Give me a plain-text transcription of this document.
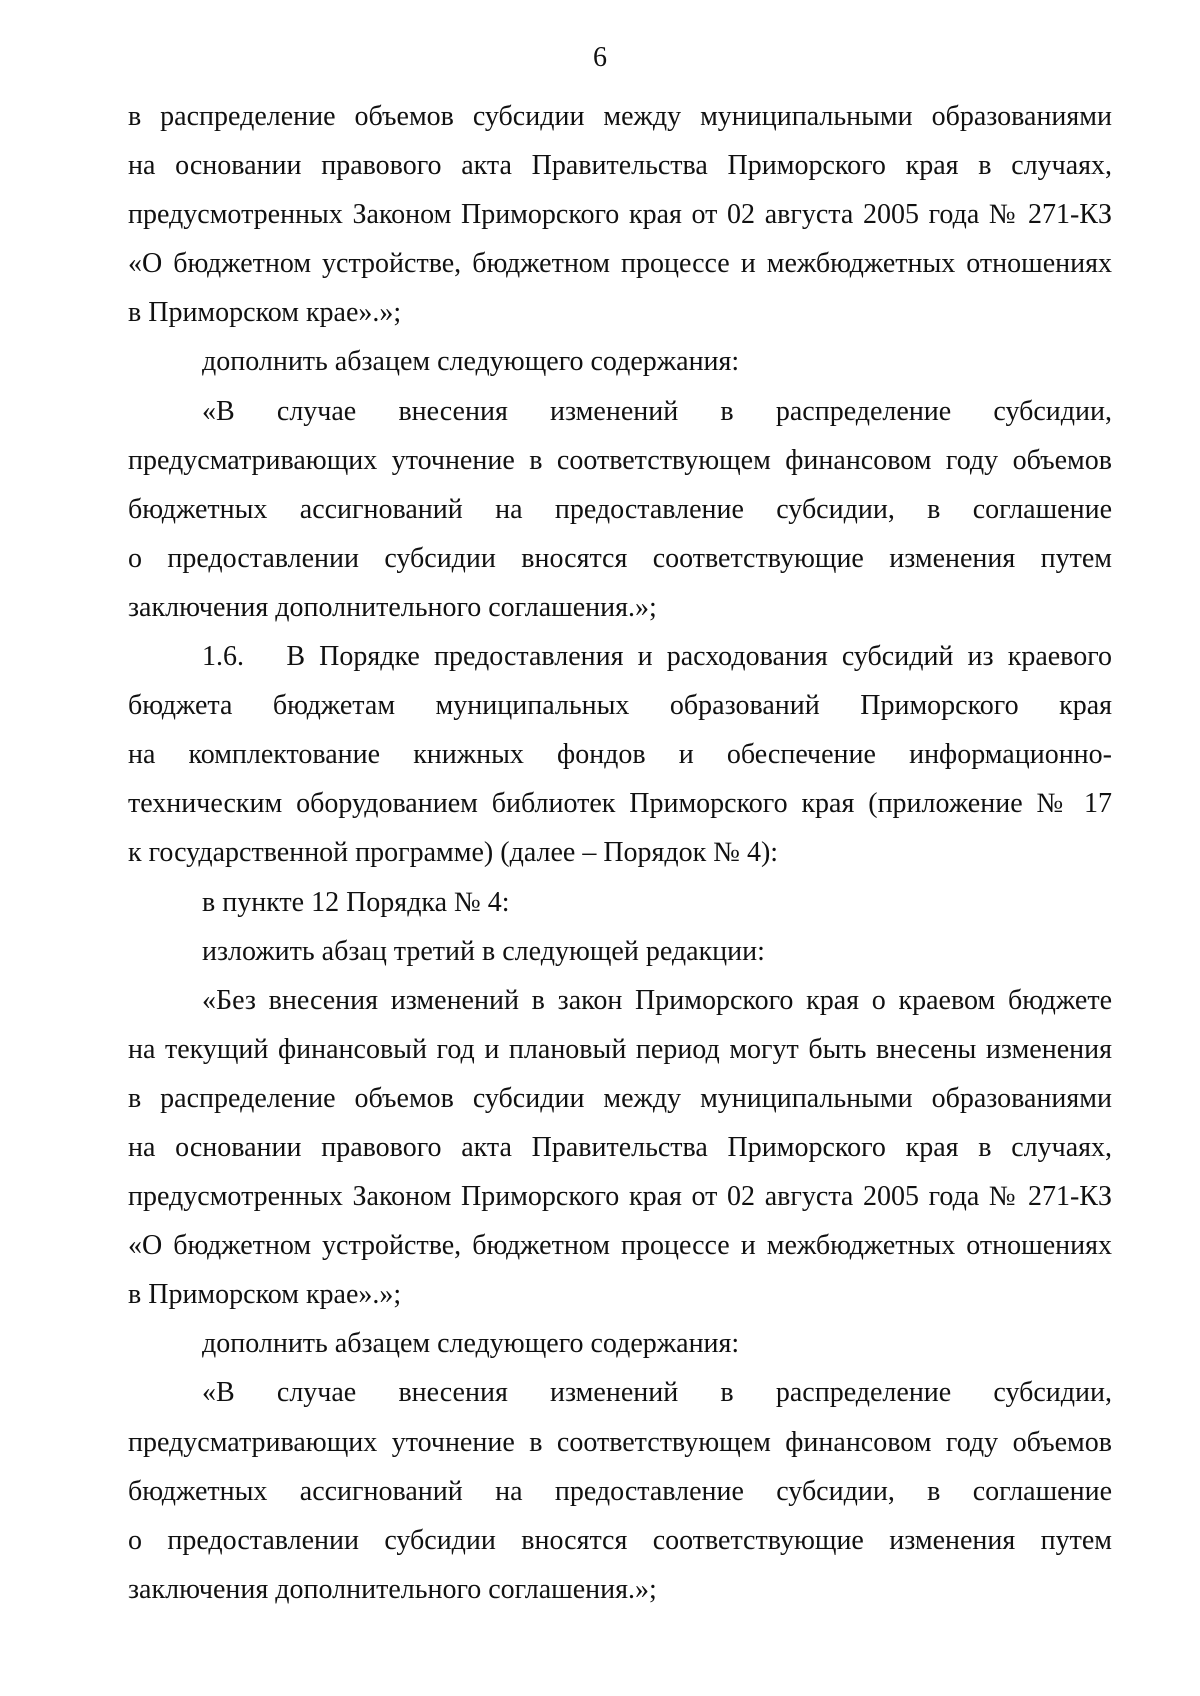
6
в распределение объемов субсидии между муниципальными образованиями
на основании правового акта Правительства Приморского края в случаях,
предусмотренных Законом Приморского края от 02 августа 2005 года № 271-КЗ
«О бюджетном устройстве, бюджетном процессе и межбюджетных отношениях
в Приморском крае».»;
дополнить абзацем следующего содержания:
«В случае внесения изменений в распределение субсидии,
предусматривающих уточнение в соответствующем финансовом году объемов
бюджетных ассигнований на предоставление субсидии, в соглашение
о предоставлении субсидии вносятся соответствующие изменения путем
заключения дополнительного соглашения.»;
1.6.   В Порядке предоставления и расходования субсидий из краевого
бюджета бюджетам муниципальных образований Приморского края
на комплектование книжных фондов и обеспечение информационно-
техническим оборудованием библиотек Приморского края (приложение № 17
к государственной программе) (далее – Порядок № 4):
в пункте 12 Порядка № 4:
изложить абзац третий в следующей редакции:
«Без внесения изменений в закон Приморского края о краевом бюджете
на текущий финансовый год и плановый период могут быть внесены изменения
в распределение объемов субсидии между муниципальными образованиями
на основании правового акта Правительства Приморского края в случаях,
предусмотренных Законом Приморского края от 02 августа 2005 года № 271-КЗ
«О бюджетном устройстве, бюджетном процессе и межбюджетных отношениях
в Приморском крае».»;
дополнить абзацем следующего содержания:
«В случае внесения изменений в распределение субсидии,
предусматривающих уточнение в соответствующем финансовом году объемов
бюджетных ассигнований на предоставление субсидии, в соглашение
о предоставлении субсидии вносятся соответствующие изменения путем
заключения дополнительного соглашения.»;
